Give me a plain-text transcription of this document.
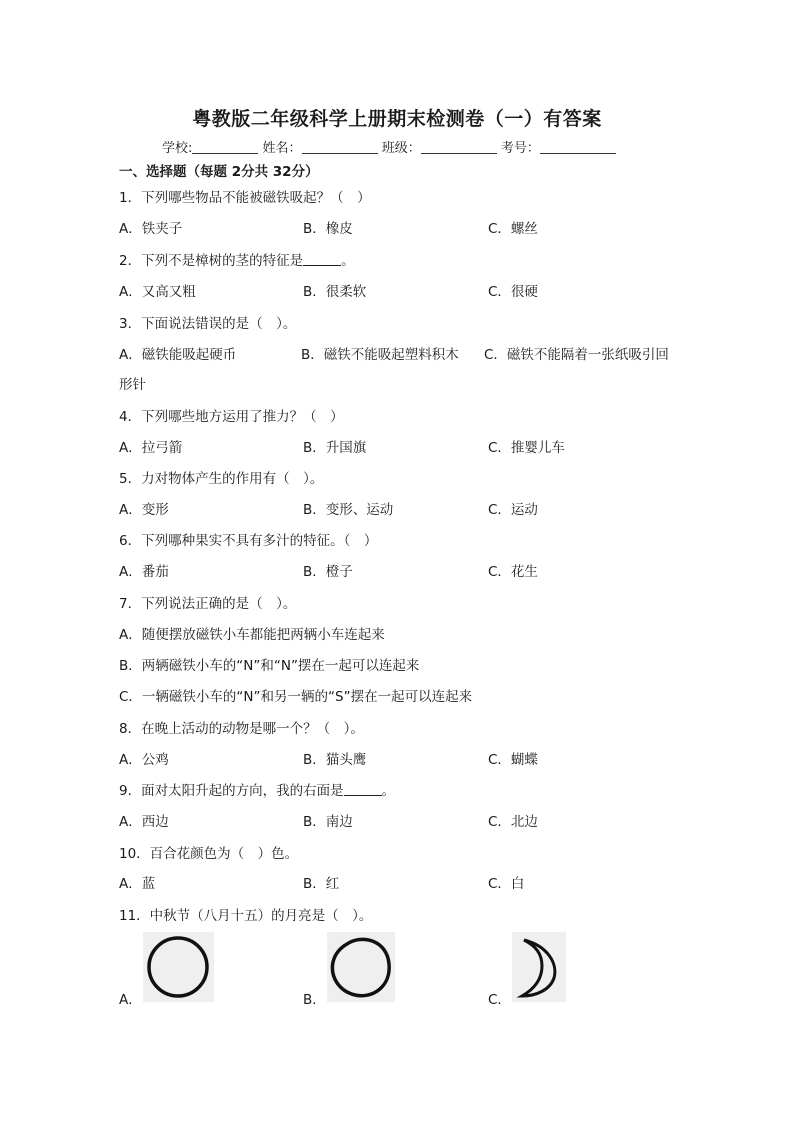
粤教版二年级科学上册期末检测卷（一）有答案
学校:	姓名：	班级：	考号：
一、选择题（每题 2分共 32分）
1．下列哪些物品不能被磁铁吸起？（　）
A．铁夹子	B．橡皮	C．螺丝
2．下列不是樟树的茎的特征是	。
A．又高又粗	B．很柔软	C．很硬
3．下面说法错误的是（　）。
A．磁铁能吸起硬币	B．磁铁不能吸起塑料积木 C．磁铁不能隔着一张纸吸引回
形针
4．下列哪些地方运用了推力？（　）
A．拉弓箭	B．升国旗	C．推婴儿车
5．力对物体产生的作用有（　）。
A．变形	B．变形、运动	C．运动
6．下列哪种果实不具有多汁的特征。（　）
A．番茄	B．橙子	C．花生
7．下列说法正确的是（　）。
A．随便摆放磁铁小车都能把两辆小车连起来
B．两辆磁铁小车的“N”和“N”摆在一起可以连起来
C．一辆磁铁小车的“N”和另一辆的“S”摆在一起可以连起来
8．在晚上活动的动物是哪一个？（　）。
A．公鸡	B．猫头鹰	C．蝴蝶
9．面对太阳升起的方向，我的右面是	。
A．西边	B．南边	C．北边
10．百合花颜色为（　）色。
A．蓝	B．红	C．白
11．中秋节（八月十五）的月亮是（　）。
A．	B．	C．
